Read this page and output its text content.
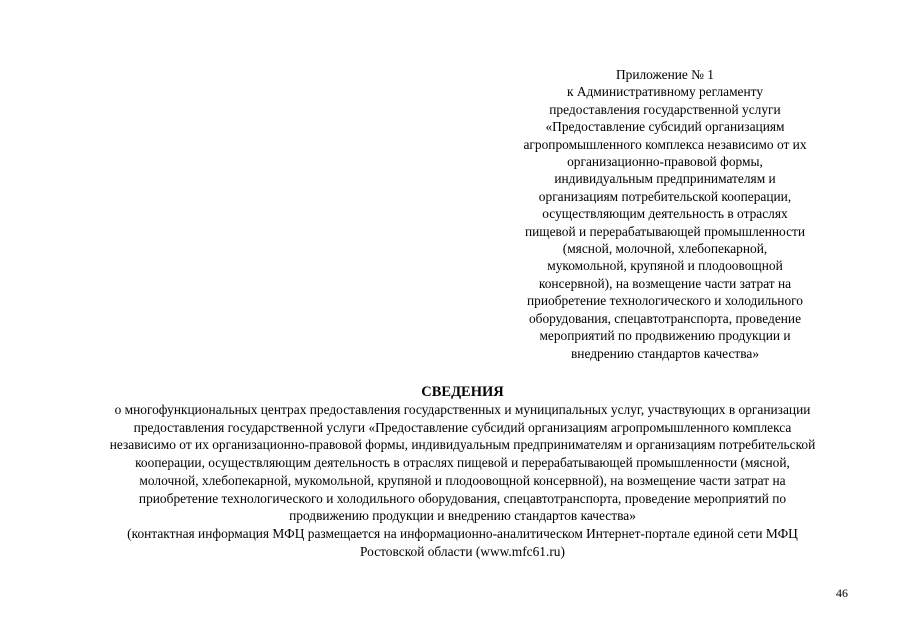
Приложение № 1
к Административному регламенту
предоставления государственной услуги
«Предоставление субсидий организациям
агропромышленного комплекса независимо от их
организационно-правовой формы,
индивидуальным предпринимателям и
организациям потребительской кооперации,
осуществляющим деятельность в отраслях
пищевой и перерабатывающей промышленности
(мясной, молочной, хлебопекарной,
мукомольной, крупяной и плодоовощной
консервной), на возмещение части затрат на
приобретение технологического и холодильного
оборудования, спецавтотранспорта, проведение
мероприятий по продвижению продукции и
внедрению стандартов качества»

СВЕДЕНИЯ

о многофункциональных центрах предоставления государственных и муниципальных услуг, участвующих в организации
предоставления государственной услуги «Предоставление субсидий организациям агропромышленного комплекса
независимо от их организационно-правовой формы, индивидуальным предпринимателям и организациям потребительской
кооперации, осуществляющим деятельность в отраслях пищевой и перерабатывающей промышленности (мясной,
молочной, хлебопекарной, мукомольной, крупяной и плодоовощной консервной), на возмещение части затрат на
приобретение технологического и холодильного оборудования, спецавтотранспорта, проведение мероприятий по
продвижению продукции и внедрению стандартов качества»
(контактная информация МФЦ размещается на информационно-аналитическом Интернет-портале единой сети МФЦ
Ростовской области (www.mfc61.ru)

46
